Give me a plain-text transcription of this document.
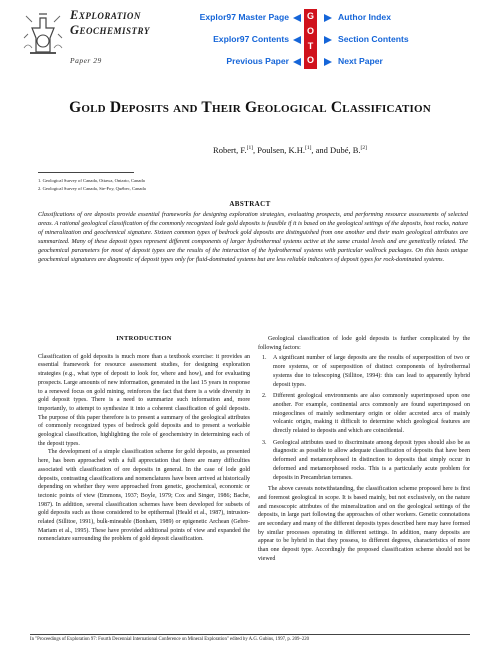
Exploration
Geochemistry
Paper 29
Explor97 Master Page
Explor97 Contents
Previous Paper
G
O
T
O
Author Index
Section Contents
Next Paper
Gold Deposits and Their Geological Classification
Robert, F.[1], Poulsen, K.H.[1], and Dubé, B.[2]
1. Geological Survey of Canada, Ottawa, Ontario, Canada
2. Geological Survey of Canada, Ste-Foy, Québec, Canada
ABSTRACT
Classifications of ore deposits provide essential frameworks for designing exploration strategies, evaluating prospects, and performing resource assessments of selected areas. A rational geological classification of the commonly recognized lode gold deposits is feasible if it is based on the geological settings of the deposits, host rocks, nature of mineralization and geochemical signature. Sixteen common types of bedrock gold deposits are distinguished from one another and their main geological attributes are summarized. Many of these deposit types represent different components of larger hydrothermal systems active at the same crustal levels and are genetically related. The geochemical parameters for most of deposit types are the results of the interaction of the hydrothermal systems with particular wallrock packages. On this basis unique geochemical signatures are diagnostic of deposit types only for fluid-dominated systems but are less reliable indicators of deposit types for rock-dominated systems.

INTRODUCTION

Classification of gold deposits is much more than a textbook exercise: it provides an essential framework for resource assessment studies, for designing exploration strategies (e.g., what type of deposit to look for, where and how), and for evaluating prospects. Large amounts of new information, generated in the last 15 years in response to a renewed focus on gold mining, reinforces the fact that there is a wide diversity in gold deposit types. There is a need to summarize such information and, more importantly, to attempt to synthesize it into a coherent classification of gold deposits. The purpose of this paper therefore is to present a summary of the geological attributes of commonly recognized types of bedrock gold deposits and to present a workable geological classification, highlighting the role of geochemistry in determining each of the deposit types.

The development of a simple classification scheme for gold deposits, as presented here, has been approached with a full appreciation that there are many difficulties associated with classification of ore deposits in general. In the case of lode gold deposits, contrasting classifications and nomenclatures have been arrived at historically depending on whether they were approached from genetic, geochemical, economic or tectonic points of view (Emmons, 1937; Boyle, 1979; Cox and Singer, 1986; Bache, 1987). In addition, several classification schemes have been developed for subsets of gold deposits such as those considered to be epithermal (Heald et al., 1987), intrusion-related (Sillitoe, 1991), bulk-mineable (Bonham, 1989) or epigenetic Archean (Gebre-Mariam et al., 1995). These have provided additional points of view and expanded the nomenclature surrounding the problem of gold deposit classification.

Geological classification of lode gold deposits is further complicated by the following factors:

1. A significant number of large deposits are the results of superposition of two or more systems, or of superposition of distinct components of hydrothermal systems due to telescoping (Sillitoe, 1994): this can lead to apparently hybrid deposit types.
2. Different geological environments are also commonly superimposed upon one another. For example, continental arcs commonly are found superimposed on miogeoclines of mainly sedimentary origin or older accreted arcs of mainly volcanic origin, making it difficult to determine which geological features are directly related to deposits and which are coincidental.
3. Geological attributes used to discriminate among deposit types should also be as diagnostic as possible to allow adequate classification of deposits that have been deformed and metamorphosed in distinction to deposits that simply occur in deformed and metamorphosed rocks. This is a particularly acute problem for deposits in Precambrian terranes.

The above caveats notwithstanding, the classification scheme proposed here is first and foremost geological in scope. It is based mainly, but not exclusively, on the nature and mesoscopic attributes of the mineralization and on the geological settings of the deposits, in large part following the approaches of other workers. Genetic connotations are secondary and many of the different deposits types described here may have formed by similar processes operating in different settings. In addition, many deposits are appear to be hybrid in that they possess, to different degrees, characteristics of more than one deposit type. Accordingly the proposed classification scheme should not be viewed

In "Proceedings of Exploration 97: Fourth Decennial International Conference on Mineral Exploration" edited by A.G. Gubins, 1997, p. 209–220
